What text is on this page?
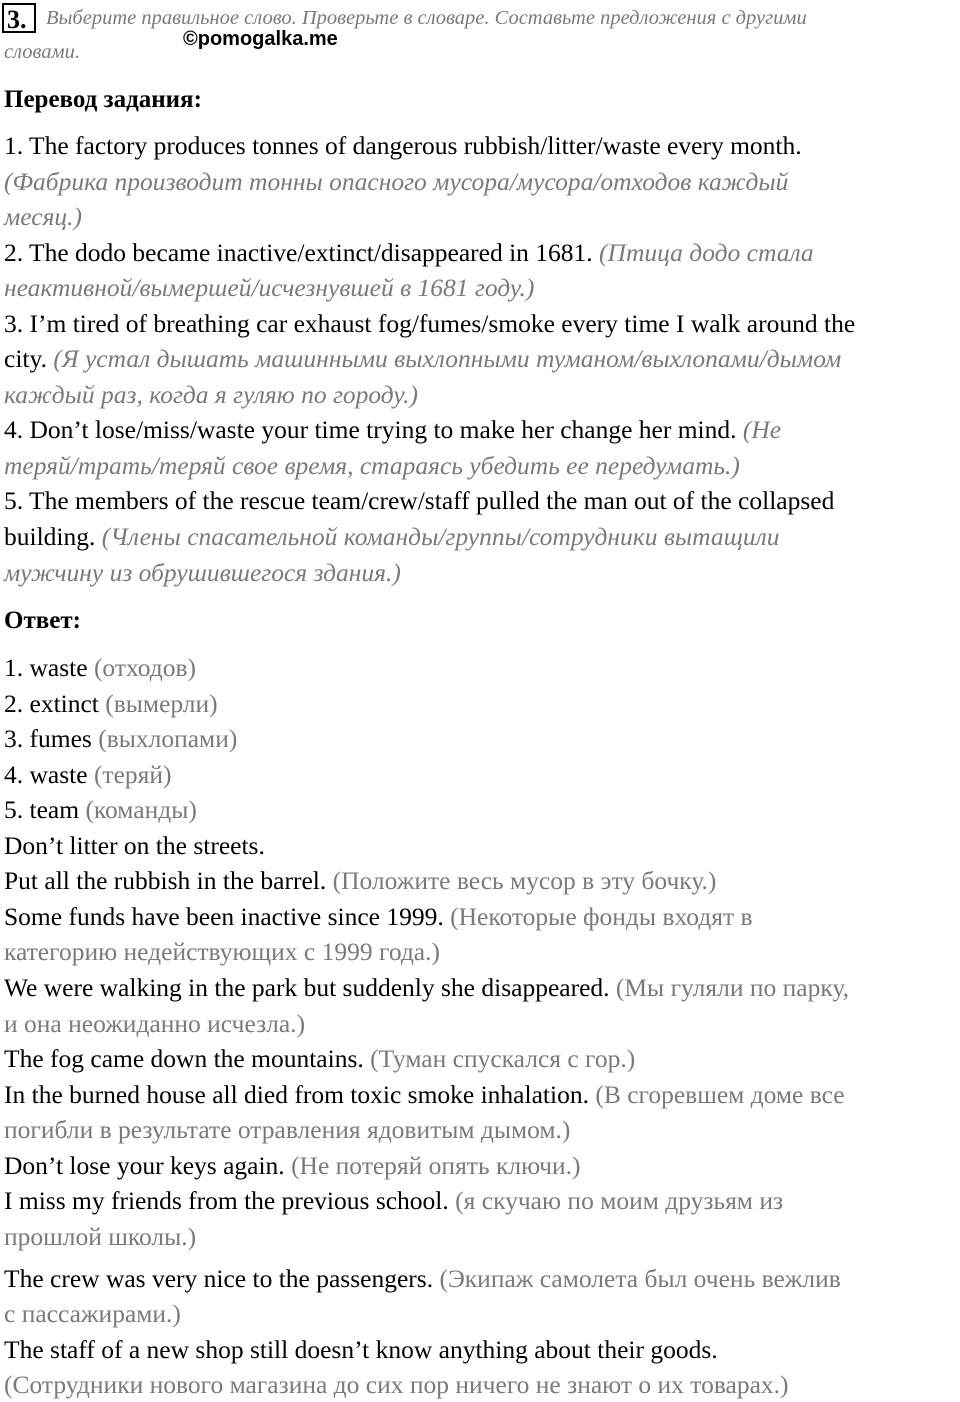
3. Выберите правильное слово. Проверьте в словаре. Составьте предложения с другими
словами.
©pomogalka.me
Перевод задания:
1. The factory produces tonnes of dangerous rubbish/litter/waste every month.
(Фабрика производит тонны опасного мусора/мусора/отходов каждый
месяц.)
2. The dodo became inactive/extinct/disappeared in 1681. (Птица додо стала
неактивной/вымершей/исчезнувшей в 1681 году.)
3. I’m tired of breathing car exhaust fog/fumes/smoke every time I walk around the
city. (Я устал дышать машинными выхлопными туманом/выхлопами/дымом
каждый раз, когда я гуляю по городу.)
4. Don’t lose/miss/waste your time trying to make her change her mind. (Не
теряй/трать/теряй свое время, стараясь убедить ее передумать.)
5. The members of the rescue team/crew/staff pulled the man out of the collapsed
building. (Члены спасательной команды/группы/сотрудники вытащили
мужчину из обрушившегося здания.)
Ответ:
1. waste (отходов)
2. extinct (вымерли)
3. fumes (выхлопами)
4. waste (теряй)
5. team (команды)
Don’t litter on the streets.
Put all the rubbish in the barrel. (Положите весь мусор в эту бочку.)
Some funds have been inactive since 1999. (Некоторые фонды входят в
категорию недействующих с 1999 года.)
We were walking in the park but suddenly she disappeared. (Мы гуляли по парку,
и она неожиданно исчезла.)
The fog came down the mountains. (Туман спускался с гор.)
In the burned house all died from toxic smoke inhalation. (В сгоревшем доме все
погибли в результате отравления ядовитым дымом.)
Don’t lose your keys again. (Не потеряй опять ключи.)
I miss my friends from the previous school. (я скучаю по моим друзьям из
прошлой школы.)
The crew was very nice to the passengers. (Экипаж самолета был очень вежлив
с пассажирами.)
The staff of a new shop still doesn’t know anything about their goods.
(Сотрудники нового магазина до сих пор ничего не знают о их товарах.)
